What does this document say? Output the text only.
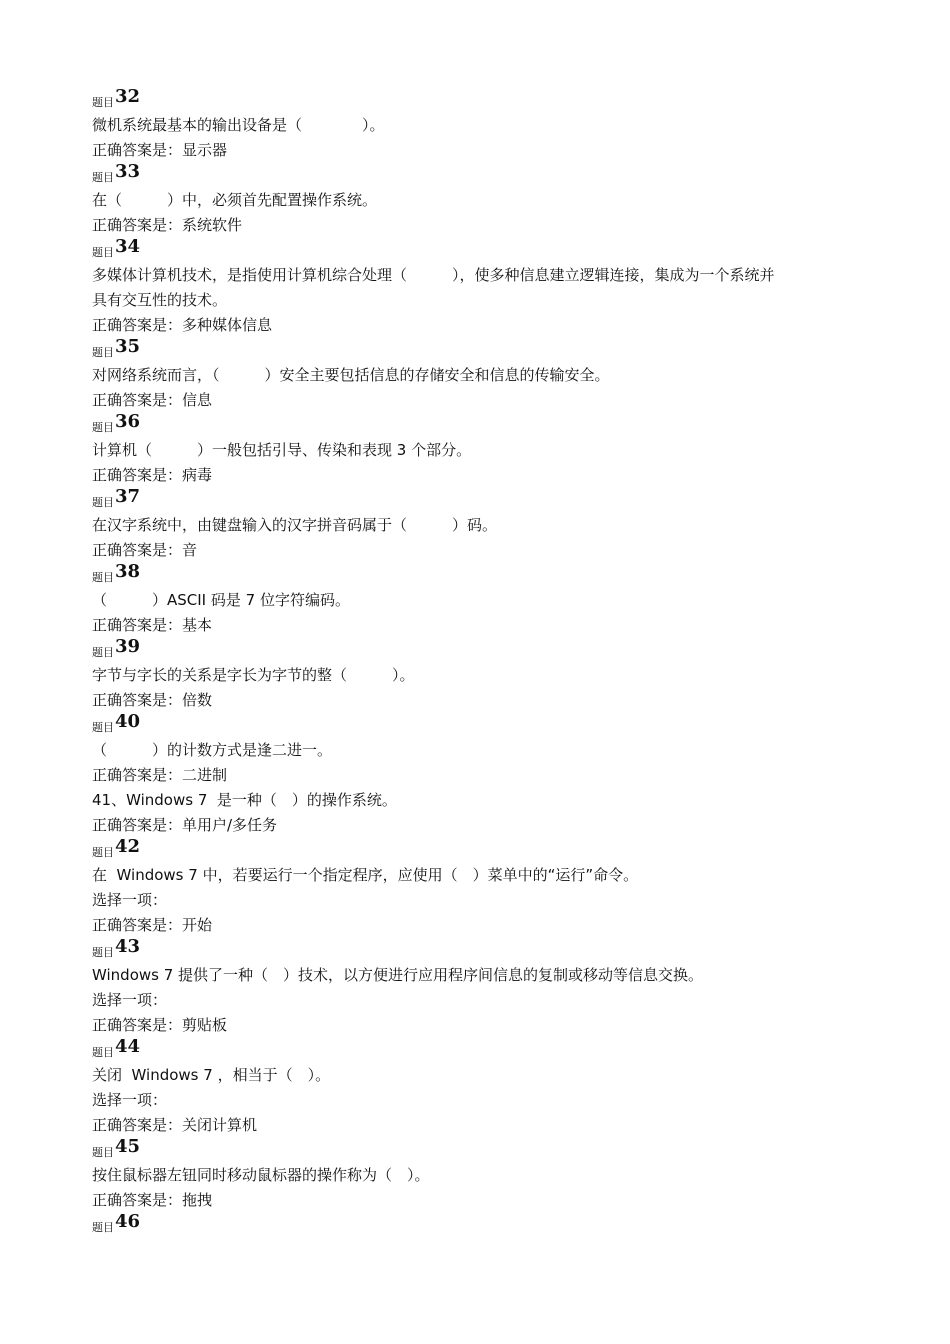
题目32
微机系统最基本的输出设备是（　　　　）。
正确答案是：显示器
题目33
在（　　　）中，必须首先配置操作系统。
正确答案是：系统软件
题目34
多媒体计算机技术，是指使用计算机综合处理（　　　），使多种信息建立逻辑连接，集成为一个系统并
具有交互性的技术。
正确答案是：多种媒体信息
题目35
对网络系统而言，（　　　）安全主要包括信息的存储安全和信息的传输安全。
正确答案是：信息
题目36
计算机（　　　）一般包括引导、传染和表现 3 个部分。
正确答案是：病毒
题目37
在汉字系统中，由键盘输入的汉字拼音码属于（　　　）码。
正确答案是：音
题目38
（　　　）ASCII 码是 7 位字符编码。
正确答案是：基本
题目39
字节与字长的关系是字长为字节的整（　　　）。
正确答案是：倍数
题目40
（　　　）的计数方式是逢二进一。
正确答案是：二进制
41、Windows 7  是一种（　）的操作系统。
正确答案是：单用户/多任务
题目42
在  Windows 7 中，若要运行一个指定程序，应使用（　）菜单中的“运行”命令。
选择一项：
正确答案是：开始
题目43
Windows 7 提供了一种（　）技术，以方便进行应用程序间信息的复制或移动等信息交换。
选择一项：
正确答案是：剪贴板
题目44
关闭  Windows 7 ，相当于（　）。
选择一项：
正确答案是：关闭计算机
题目45
按住鼠标器左钮同时移动鼠标器的操作称为（　）。
正确答案是：拖拽
题目46
